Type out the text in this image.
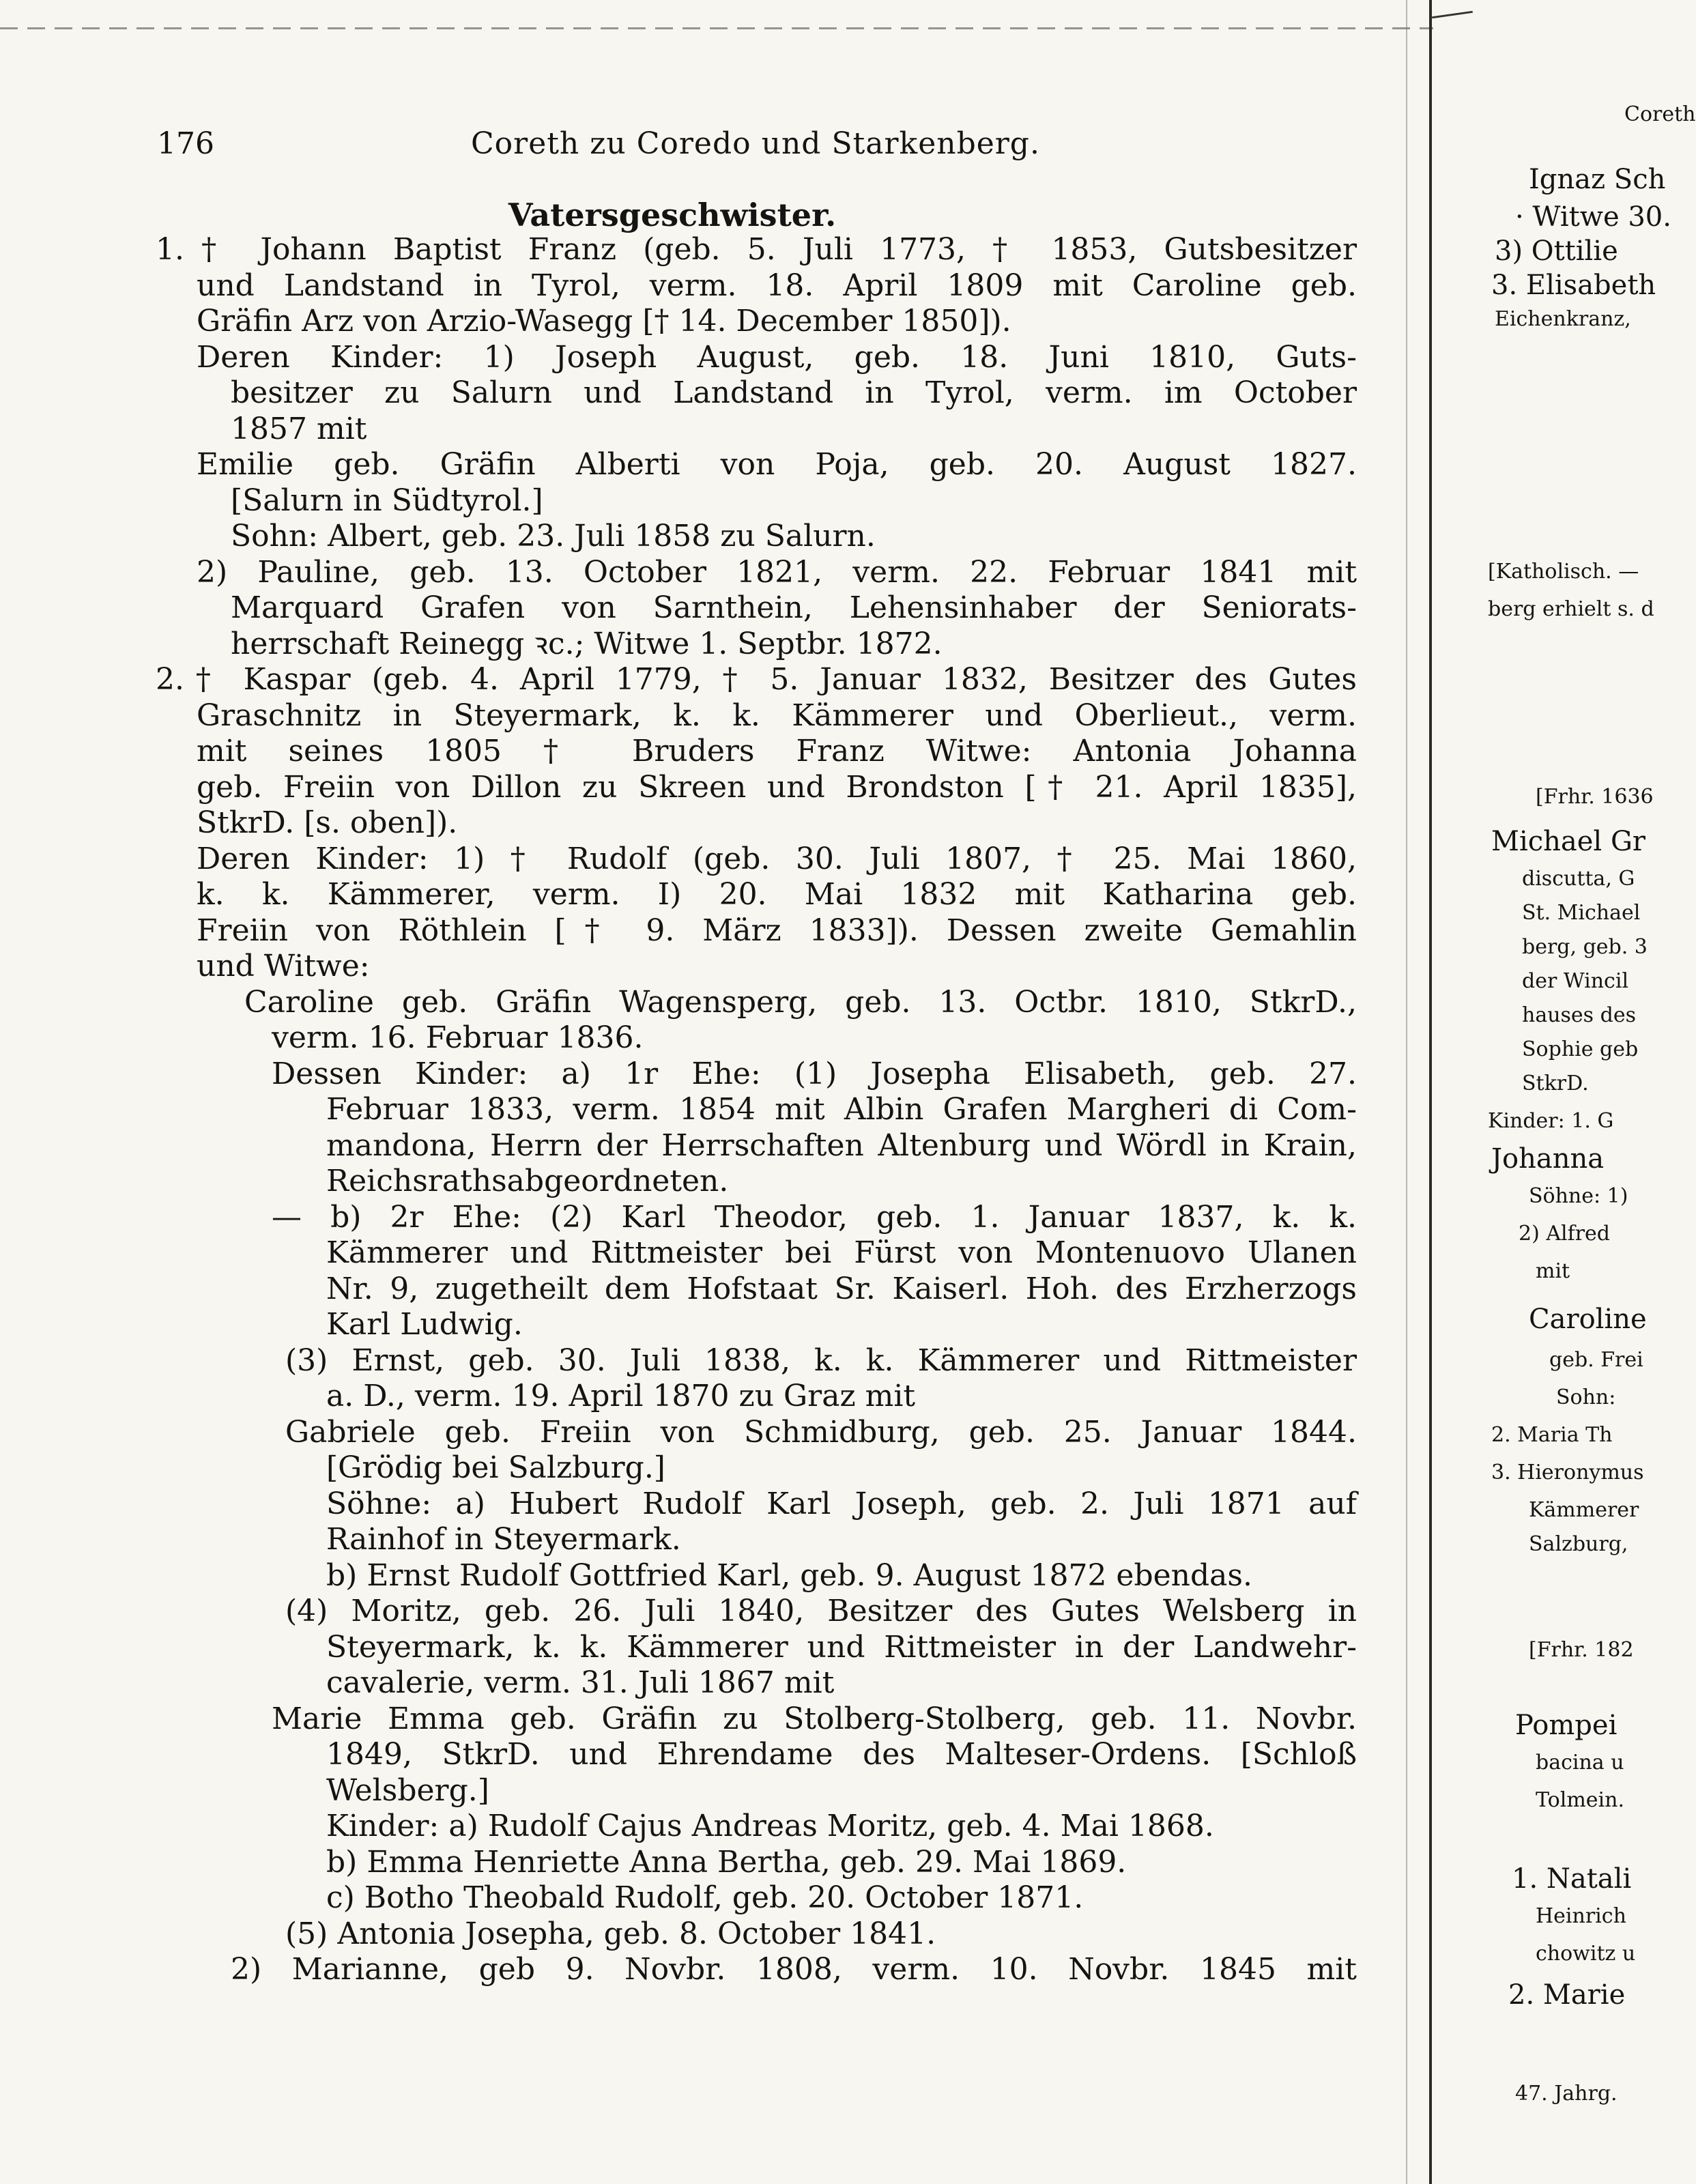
176	Coreth zu Coredo und Starkenberg.
Vatersgeschwister.
1.† Johann Baptist Franz (geb. 5. Juli 1773, † 1853, Gutsbesitzer
und Landstand in Tyrol, verm. 18. April 1809 mit Caroline geb.
Gräfin Arz von Arzio-Wasegg [† 14. December 1850]).
Deren Kinder: 1) Joseph August, geb. 18. Juni 1810, Guts-
besitzer zu Salurn und Landstand in Tyrol, verm. im October
1857 mit
Emilie geb. Gräfin Alberti von Poja, geb. 20. August 1827.
[Salurn in Südtyrol.]
Sohn: Albert, geb. 23. Juli 1858 zu Salurn.
2) Pauline, geb. 13. October 1821, verm. 22. Februar 1841 mit
Marquard Grafen von Sarnthein, Lehensinhaber der Seniorats-
herrschaft Reinegg ꝛc.; Witwe 1. Septbr. 1872.
2.† Kaspar (geb. 4. April 1779, † 5. Januar 1832, Besitzer des Gutes
Graschnitz in Steyermark, k. k. Kämmerer und Oberlieut., verm.
mit seines 1805 † Bruders Franz Witwe: Antonia Johanna
geb. Freiin von Dillon zu Skreen und Brondston [† 21. April 1835],
StkrD. [s. oben]).
Deren Kinder: 1) † Rudolf (geb. 30. Juli 1807, † 25. Mai 1860,
k. k. Kämmerer, verm. I) 20. Mai 1832 mit Katharina geb.
Freiin von Röthlein [† 9. März 1833]). Dessen zweite Gemahlin
und Witwe:
Caroline geb. Gräfin Wagensperg, geb. 13. Octbr. 1810, StkrD.,
verm. 16. Februar 1836.
Dessen Kinder: a) 1r Ehe: (1) Josepha Elisabeth, geb. 27.
Februar 1833, verm. 1854 mit Albin Grafen Margheri di Com-
mandona, Herrn der Herrschaften Altenburg und Wördl in Krain,
Reichsrathsabgeordneten.
— b) 2r Ehe: (2) Karl Theodor, geb. 1. Januar 1837, k. k.
Kämmerer und Rittmeister bei Fürst von Montenuovo Ulanen
Nr. 9, zugetheilt dem Hofstaat Sr. Kaiserl. Hoh. des Erzherzogs
Karl Ludwig.
(3) Ernst, geb. 30. Juli 1838, k. k. Kämmerer und Rittmeister
a. D., verm. 19. April 1870 zu Graz mit
Gabriele geb. Freiin von Schmidburg, geb. 25. Januar 1844.
[Grödig bei Salzburg.]
Söhne: a) Hubert Rudolf Karl Joseph, geb. 2. Juli 1871 auf
Rainhof in Steyermark.
b) Ernst Rudolf Gottfried Karl, geb. 9. August 1872 ebendas.
(4) Moritz, geb. 26. Juli 1840, Besitzer des Gutes Welsberg in
Steyermark, k. k. Kämmerer und Rittmeister in der Landwehr-
cavalerie, verm. 31. Juli 1867 mit
Marie Emma geb. Gräfin zu Stolberg-Stolberg, geb. 11. Novbr.
1849, StkrD. und Ehrendame des Malteser-Ordens. [Schloß
Welsberg.]
Kinder: a) Rudolf Cajus Andreas Moritz, geb. 4. Mai 1868.
b) Emma Henriette Anna Bertha, geb. 29. Mai 1869.
c) Botho Theobald Rudolf, geb. 20. October 1871.
(5) Antonia Josepha, geb. 8. October 1841.
2) Marianne, geb 9. Novbr. 1808, verm. 10. Novbr. 1845 mit
Coreth
Ignaz Sch
· Witwe 30.
3) Ottilie
3. Elisabeth
Eichenkranz,
[Katholisch. —
berg erhielt s. d
[Frhr. 1636
Michael Gr
discutta, G
St. Michael
berg, geb. 3
der Wincil
hauses des
Sophie geb
StkrD.
Kinder: 1. G
Johanna
Söhne: 1)
2) Alfred
mit
Caroline
geb. Frei
Sohn:
2. Maria Th
3. Hieronymus
Kämmerer
Salzburg,
[Frhr. 182
Pompei
bacina u
Tolmein.
1. Natali
Heinrich
chowitz u
2. Marie
47. Jahrg.
